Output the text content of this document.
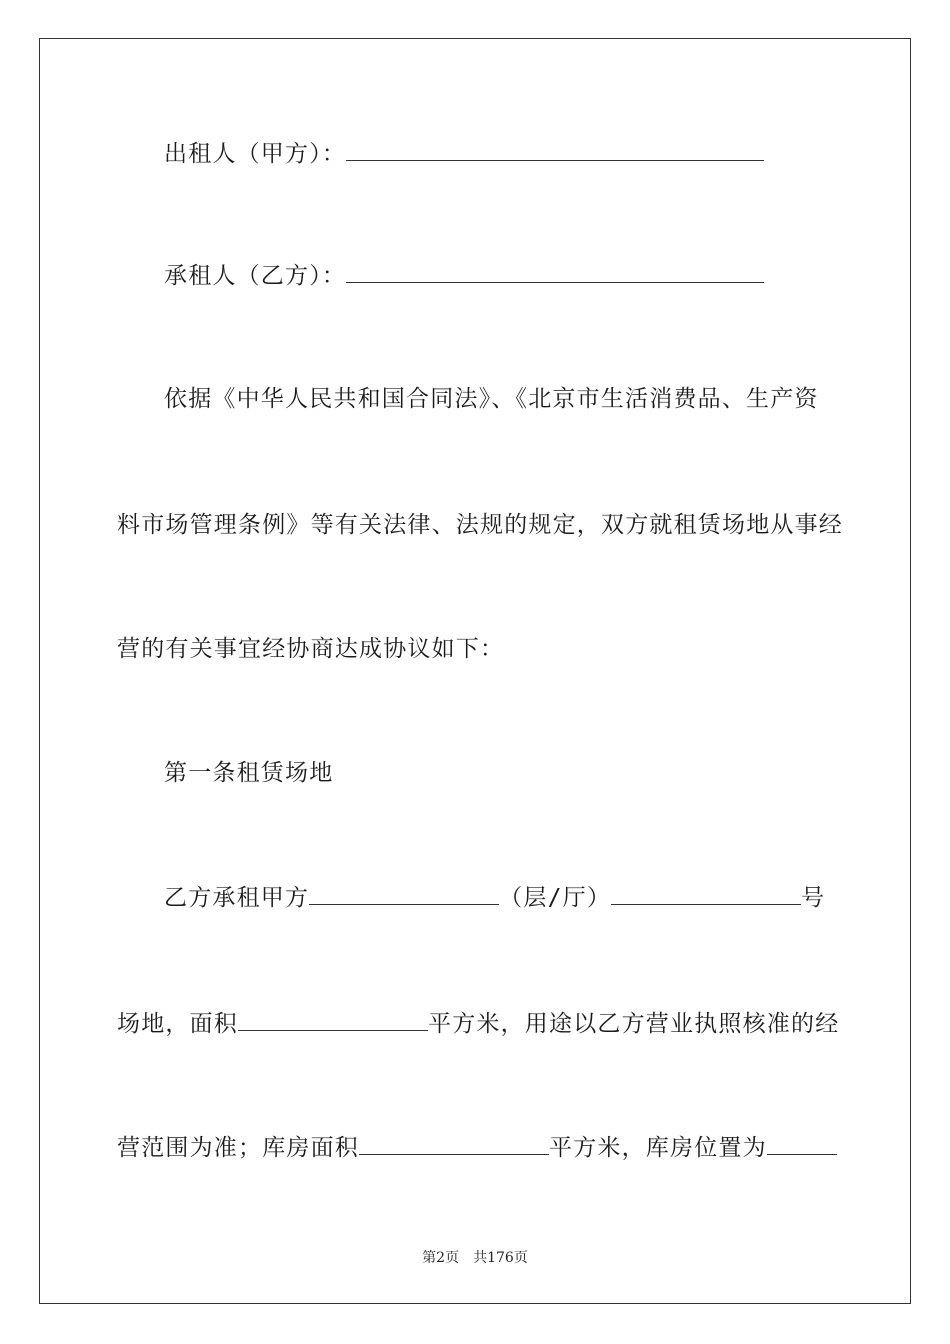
出租人（甲方）：
承租人（乙方）：
依据《中华人民共和国合同法》、《北京市生活消费品、生产资
料市场管理条例》等有关法律、法规的规定，双方就租赁场地从事经
营的有关事宜经协商达成协议如下：
第一条租赁场地
乙方承租甲方	（层/厅）	号
场地，面积	平方米，用途以乙方营业执照核准的经
营范围为准；库房面积	平方米，库房位置为
第2页 共176页
